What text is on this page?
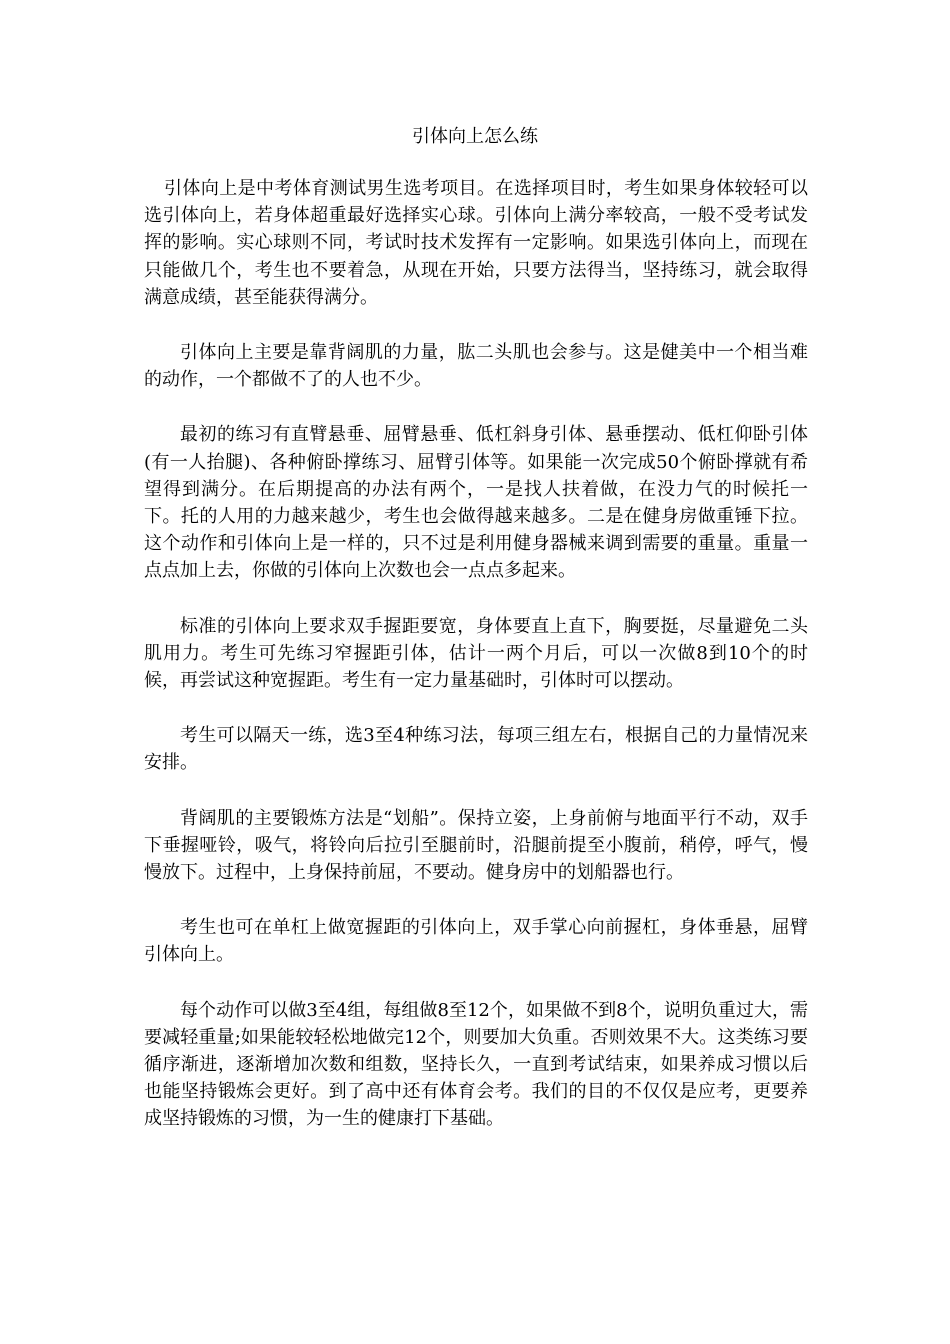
引体向上怎么练

引体向上是中考体育测试男生选考项目。在选择项目时，考生如果身体较轻可以选引体向上，若身体超重最好选择实心球。引体向上满分率较高，一般不受考试发挥的影响。实心球则不同，考试时技术发挥有一定影响。如果选引体向上，而现在只能做几个，考生也不要着急，从现在开始，只要方法得当，坚持练习，就会取得满意成绩，甚至能获得满分。

引体向上主要是靠背阔肌的力量，肱二头肌也会参与。这是健美中一个相当难的动作，一个都做不了的人也不少。

最初的练习有直臂悬垂、屈臂悬垂、低杠斜身引体、悬垂摆动、低杠仰卧引体(有一人抬腿)、各种俯卧撑练习、屈臂引体等。如果能一次完成50个俯卧撑就有希望得到满分。在后期提高的办法有两个，一是找人扶着做，在没力气的时候托一下。托的人用的力越来越少，考生也会做得越来越多。二是在健身房做重锤下拉。这个动作和引体向上是一样的，只不过是利用健身器械来调到需要的重量。重量一点点加上去，你做的引体向上次数也会一点点多起来。

标准的引体向上要求双手握距要宽，身体要直上直下，胸要挺，尽量避免二头肌用力。考生可先练习窄握距引体，估计一两个月后，可以一次做8到10个的时候，再尝试这种宽握距。考生有一定力量基础时，引体时可以摆动。

考生可以隔天一练，选3至4种练习法，每项三组左右，根据自己的力量情况来安排。

背阔肌的主要锻炼方法是“划船”。保持立姿，上身前俯与地面平行不动，双手下垂握哑铃，吸气，将铃向后拉引至腿前时，沿腿前提至小腹前，稍停，呼气，慢慢放下。过程中，上身保持前屈，不要动。健身房中的划船器也行。

考生也可在单杠上做宽握距的引体向上，双手掌心向前握杠，身体垂悬，屈臂引体向上。

每个动作可以做3至4组，每组做8至12个，如果做不到8个，说明负重过大，需要减轻重量;如果能较轻松地做完12个，则要加大负重。否则效果不大。这类练习要循序渐进，逐渐增加次数和组数，坚持长久，一直到考试结束，如果养成习惯以后也能坚持锻炼会更好。到了高中还有体育会考。我们的目的不仅仅是应考，更要养成坚持锻炼的习惯，为一生的健康打下基础。
